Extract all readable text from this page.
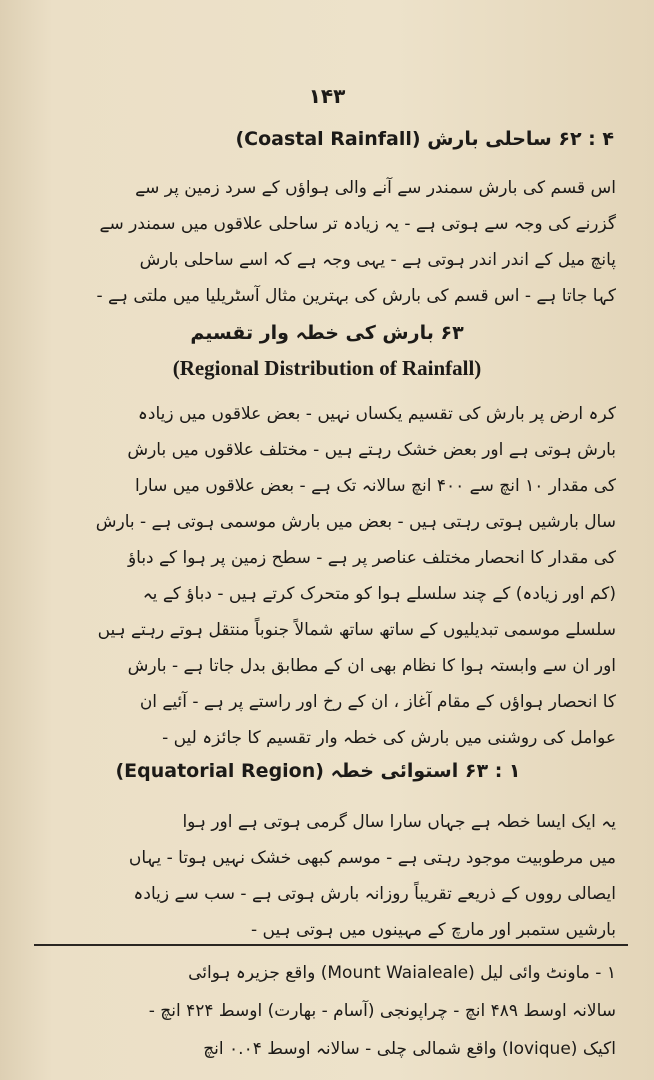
۱۴۳
۴ : ۶۲ ساحلی بارش (Coastal Rainfall)
اس قسم کی بارش سمندر سے آنے والی ہواؤں کے سرد زمین پر سے
گزرنے کی وجہ سے ہوتی ہے - یہ زیادہ تر ساحلی علاقوں میں سمندر سے
پانچ میل کے اندر اندر ہوتی ہے - یہی وجہ ہے کہ اسے ساحلی بارش
کہا جاتا ہے - اس قسم کی بارش کی بہترین مثال آسٹریلیا میں ملتی ہے -
۶۳ بارش کی خطہ وار تقسیم
(Regional Distribution of Rainfall)
کرہ ارض پر بارش کی تقسیم یکساں نہیں - بعض علاقوں میں زیادہ
بارش ہوتی ہے اور بعض خشک رہتے ہیں - مختلف علاقوں میں بارش
کی مقدار ۱۰ انچ سے ۴۰۰ انچ سالانہ تک ہے - بعض علاقوں میں سارا
سال بارشیں ہوتی رہتی ہیں - بعض میں بارش موسمی ہوتی ہے - بارش
کی مقدار کا انحصار مختلف عناصر پر ہے - سطح زمین پر ہوا کے دباؤ
(کم اور زیادہ) کے چند سلسلے ہوا کو متحرک کرتے ہیں - دباؤ کے یہ
سلسلے موسمی تبدیلیوں کے ساتھ ساتھ شمالاً جنوباً منتقل ہوتے رہتے ہیں
اور ان سے وابستہ ہوا کا نظام بھی ان کے مطابق بدل جاتا ہے - بارش
کا انحصار ہواؤں کے مقام آغاز ، ان کے رخ اور راستے پر ہے - آئیے ان
عوامل کی روشنی میں بارش کی خطہ وار تقسیم کا جائزہ لیں -
۱ : ۶۳ استوائی خطہ (Equatorial Region)
یہ ایک ایسا خطہ ہے جہاں سارا سال گرمی ہوتی ہے اور ہوا
میں مرطوبیت موجود رہتی ہے - موسم کبھی خشک نہیں ہوتا - یہاں
ایصالی رووں کے ذریعے تقریباً روزانہ بارش ہوتی ہے - سب سے زیادہ
بارشیں ستمبر اور مارچ کے مہینوں میں ہوتی ہیں -
۱ - ماونٹ وائی لیل (Mount Waialeale) واقع جزیرہ ہوائی
سالانہ اوسط ۴۸۹ انچ - چراپونجی (آسام - بھارت) اوسط ۴۲۴ انچ -
اکیک (Iovique) واقع شمالی چلی - سالانہ اوسط ۰.۰۴ انچ
